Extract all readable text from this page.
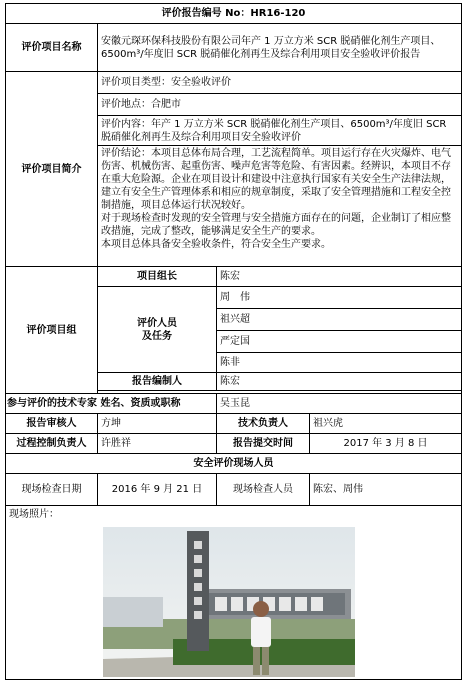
评价报告编号 No：HR16-120			
评价项目名称	安徽元琛环保科技股份有限公司年产 1 万立方米 SCR 脱硝催化剂生产项目、6500m³/年度旧 SCR 脱硝催化剂再生及综合利用项目安全验收评价报告		
评价项目简介	评价项目类型：安全验收评价		
	评价地点：合肥市		
	评价内容：年产 1 万立方米 SCR 脱硝催化剂生产项目、6500m³/年度旧 SCR 脱硝催化剂再生及综合利用项目安全验收评价		

	评价结论：本项目总体布局合理，工艺流程简单。项目运行存在火灾爆炸、电气伤害、机械伤害、起重伤害、噪声危害等危险、有害因素。经辨识，本项目不存在重大危险源。企业在项目设计和建设中注意执行国家有关安全生产法律法规，建立有安全生产管理体系和相应的规章制度，采取了安全管理措施和工程安全控制措施，项目总体运行状况较好。
对于现场检查时发现的安全管理与安全措施方面存在的问题，企业制订了相应整改措施，完成了整改，能够满足安全生产的要求。
本项目总体具备安全验收条件，符合安全生产要求。		

评价项目组	项目组长	陈宏	

	评价人员
及任务	周　伟	
		祖兴超	
		严定国	
		陈非	
	报告编制人	陈宏	

参与评价的技术专家 姓名、资质或职称		吴玉昆	
报告审核人	方坤	技术负责人	祖兴虎
过程控制负责人	许胜祥	报告提交时间	2017 年 3 月 8 日
安全评价现场人员			
现场检查日期	2016 年 9 月 21 日	现场检查人员	陈宏、周伟

现场照片：			
